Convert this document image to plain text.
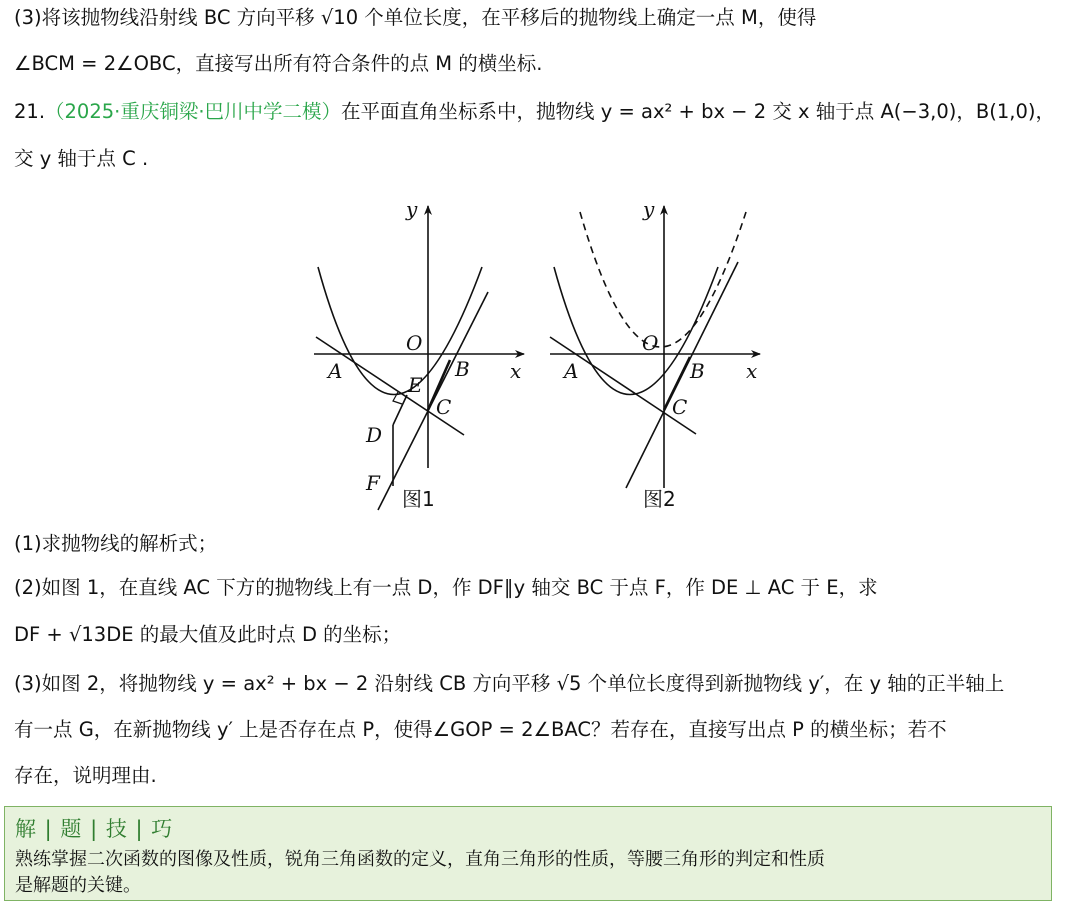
(3)将该抛物线沿射线 BC 方向平移 √10 个单位长度，在平移后的抛物线上确定一点 M，使得
∠BCM = 2∠OBC，直接写出所有符合条件的点 M 的横坐标.
21.（2025·重庆铜梁·巴川中学二模）在平面直角坐标系中，抛物线 y = ax² + bx − 2 交 x 轴于点 A(−3,0)，B(1,0)，
交 y 轴于点 C .
y
x
O
A	B
C
E
D
F
图1
y
x
O
A	B
C
图2
(1)求抛物线的解析式；
(2)如图 1，在直线 AC 下方的抛物线上有一点 D，作 DF∥y 轴交 BC 于点 F，作 DE ⊥ AC 于 E，求
DF + √13DE 的最大值及此时点 D 的坐标；
(3)如图 2，将抛物线 y = ax² + bx − 2 沿射线 CB 方向平移 √5 个单位长度得到新抛物线 y′，在 y 轴的正半轴上
有一点 G，在新抛物线 y′ 上是否存在点 P，使得∠GOP = 2∠BAC？若存在，直接写出点 P 的横坐标；若不
存在，说明理由.
解 | 题 | 技 | 巧
熟练掌握二次函数的图像及性质，锐角三角函数的定义，直角三角形的性质，等腰三角形的判定和性质
是解题的关键。
